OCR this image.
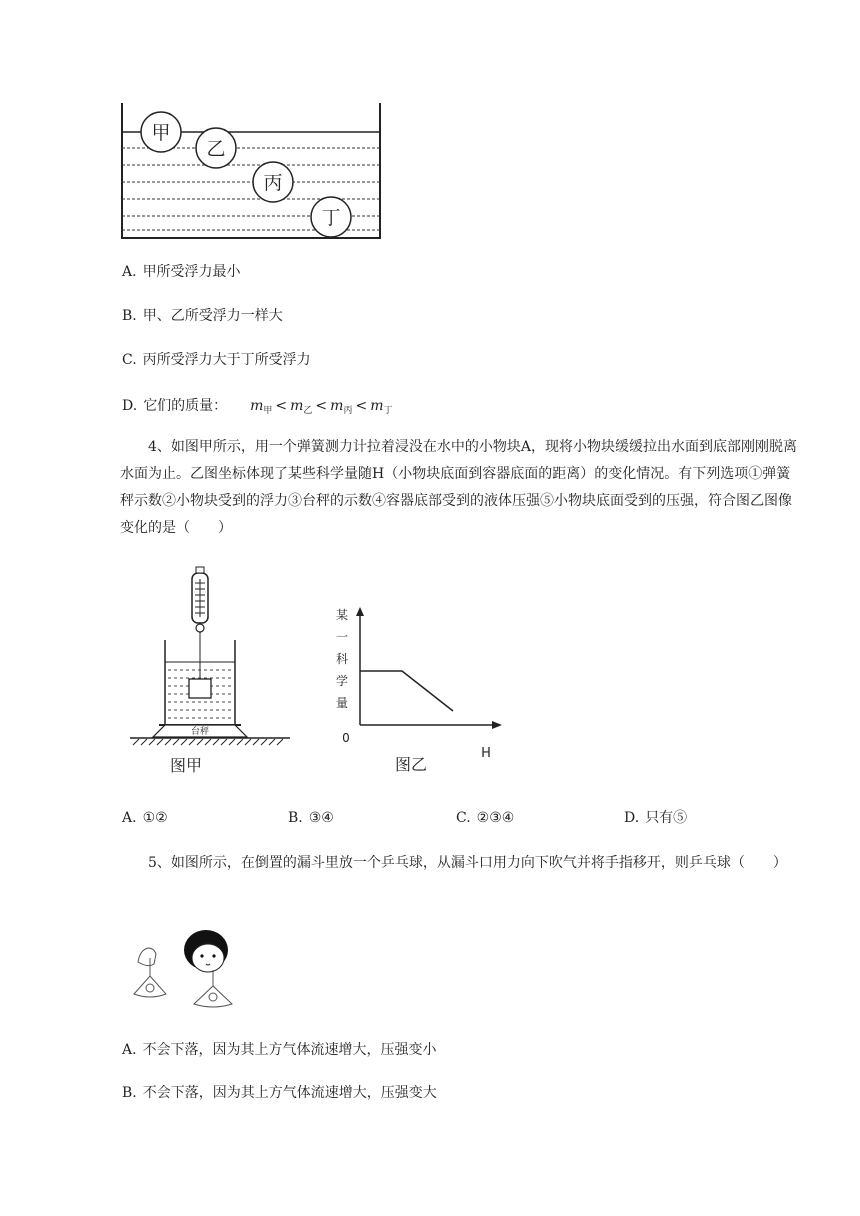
甲
乙
丙
丁
A. 甲所受浮力最小
B. 甲、乙所受浮力一样大
C. 丙所受浮力大于丁所受浮力
D. 它们的质量： $m_甲 < m_乙 < m_丙 < m_丁$
4、如图甲所示，用一个弹簧测力计拉着浸没在水中的小物块A，现将小物块缓缓拉出水面到底部刚刚脱离水面为止。乙图坐标体现了某些科学量随H（小物块底面到容器底面的距离）的变化情况。有下列选项①弹簧秤示数②小物块受到的浮力③台秤的示数④容器底部受到的液体压强⑤小物块底面受到的压强，符合图乙图像变化的是（　　）
台秤
图甲
某
一
科
学
量
0
H
图乙
A. ①②	B. ③④	C. ②③④	D. 只有⑤
5、如图所示，在倒置的漏斗里放一个乒乓球，从漏斗口用力向下吹气并将手指移开，则乒乓球（　　）
A. 不会下落，因为其上方气体流速增大，压强变小
B. 不会下落，因为其上方气体流速增大，压强变大
